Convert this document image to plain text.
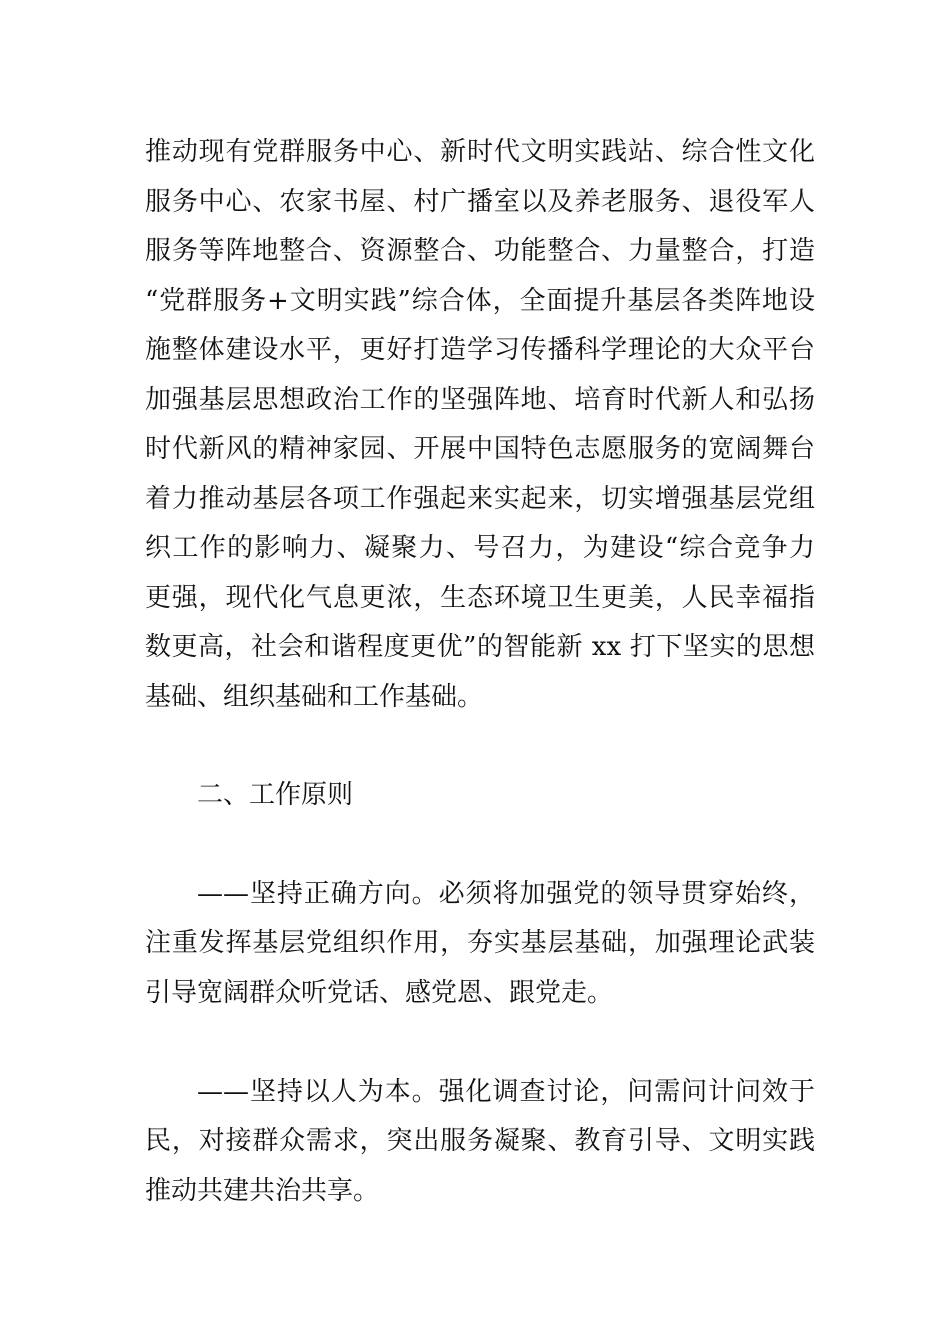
推动现有党群服务中心、新时代文明实践站、综合性文化
服务中心、农家书屋、村广播室以及养老服务、退役军人
服务等阵地整合、资源整合、功能整合、力量整合，打造
“党群服务+文明实践”综合体，全面提升基层各类阵地设
施整体建设水平，更好打造学习传播科学理论的大众平台
加强基层思想政治工作的坚强阵地、培育时代新人和弘扬
时代新风的精神家园、开展中国特色志愿服务的宽阔舞台
着力推动基层各项工作强起来实起来，切实增强基层党组
织工作的影响力、凝聚力、号召力，为建设“综合竞争力
更强，现代化气息更浓，生态环境卫生更美，人民幸福指
数更高，社会和谐程度更优”的智能新 xx 打下坚实的思想
基础、组织基础和工作基础。
二、工作原则
——坚持正确方向。必须将加强党的领导贯穿始终，
注重发挥基层党组织作用，夯实基层基础，加强理论武装
引导宽阔群众听党话、感党恩、跟党走。
——坚持以人为本。强化调查讨论，问需问计问效于
民，对接群众需求，突出服务凝聚、教育引导、文明实践
推动共建共治共享。
